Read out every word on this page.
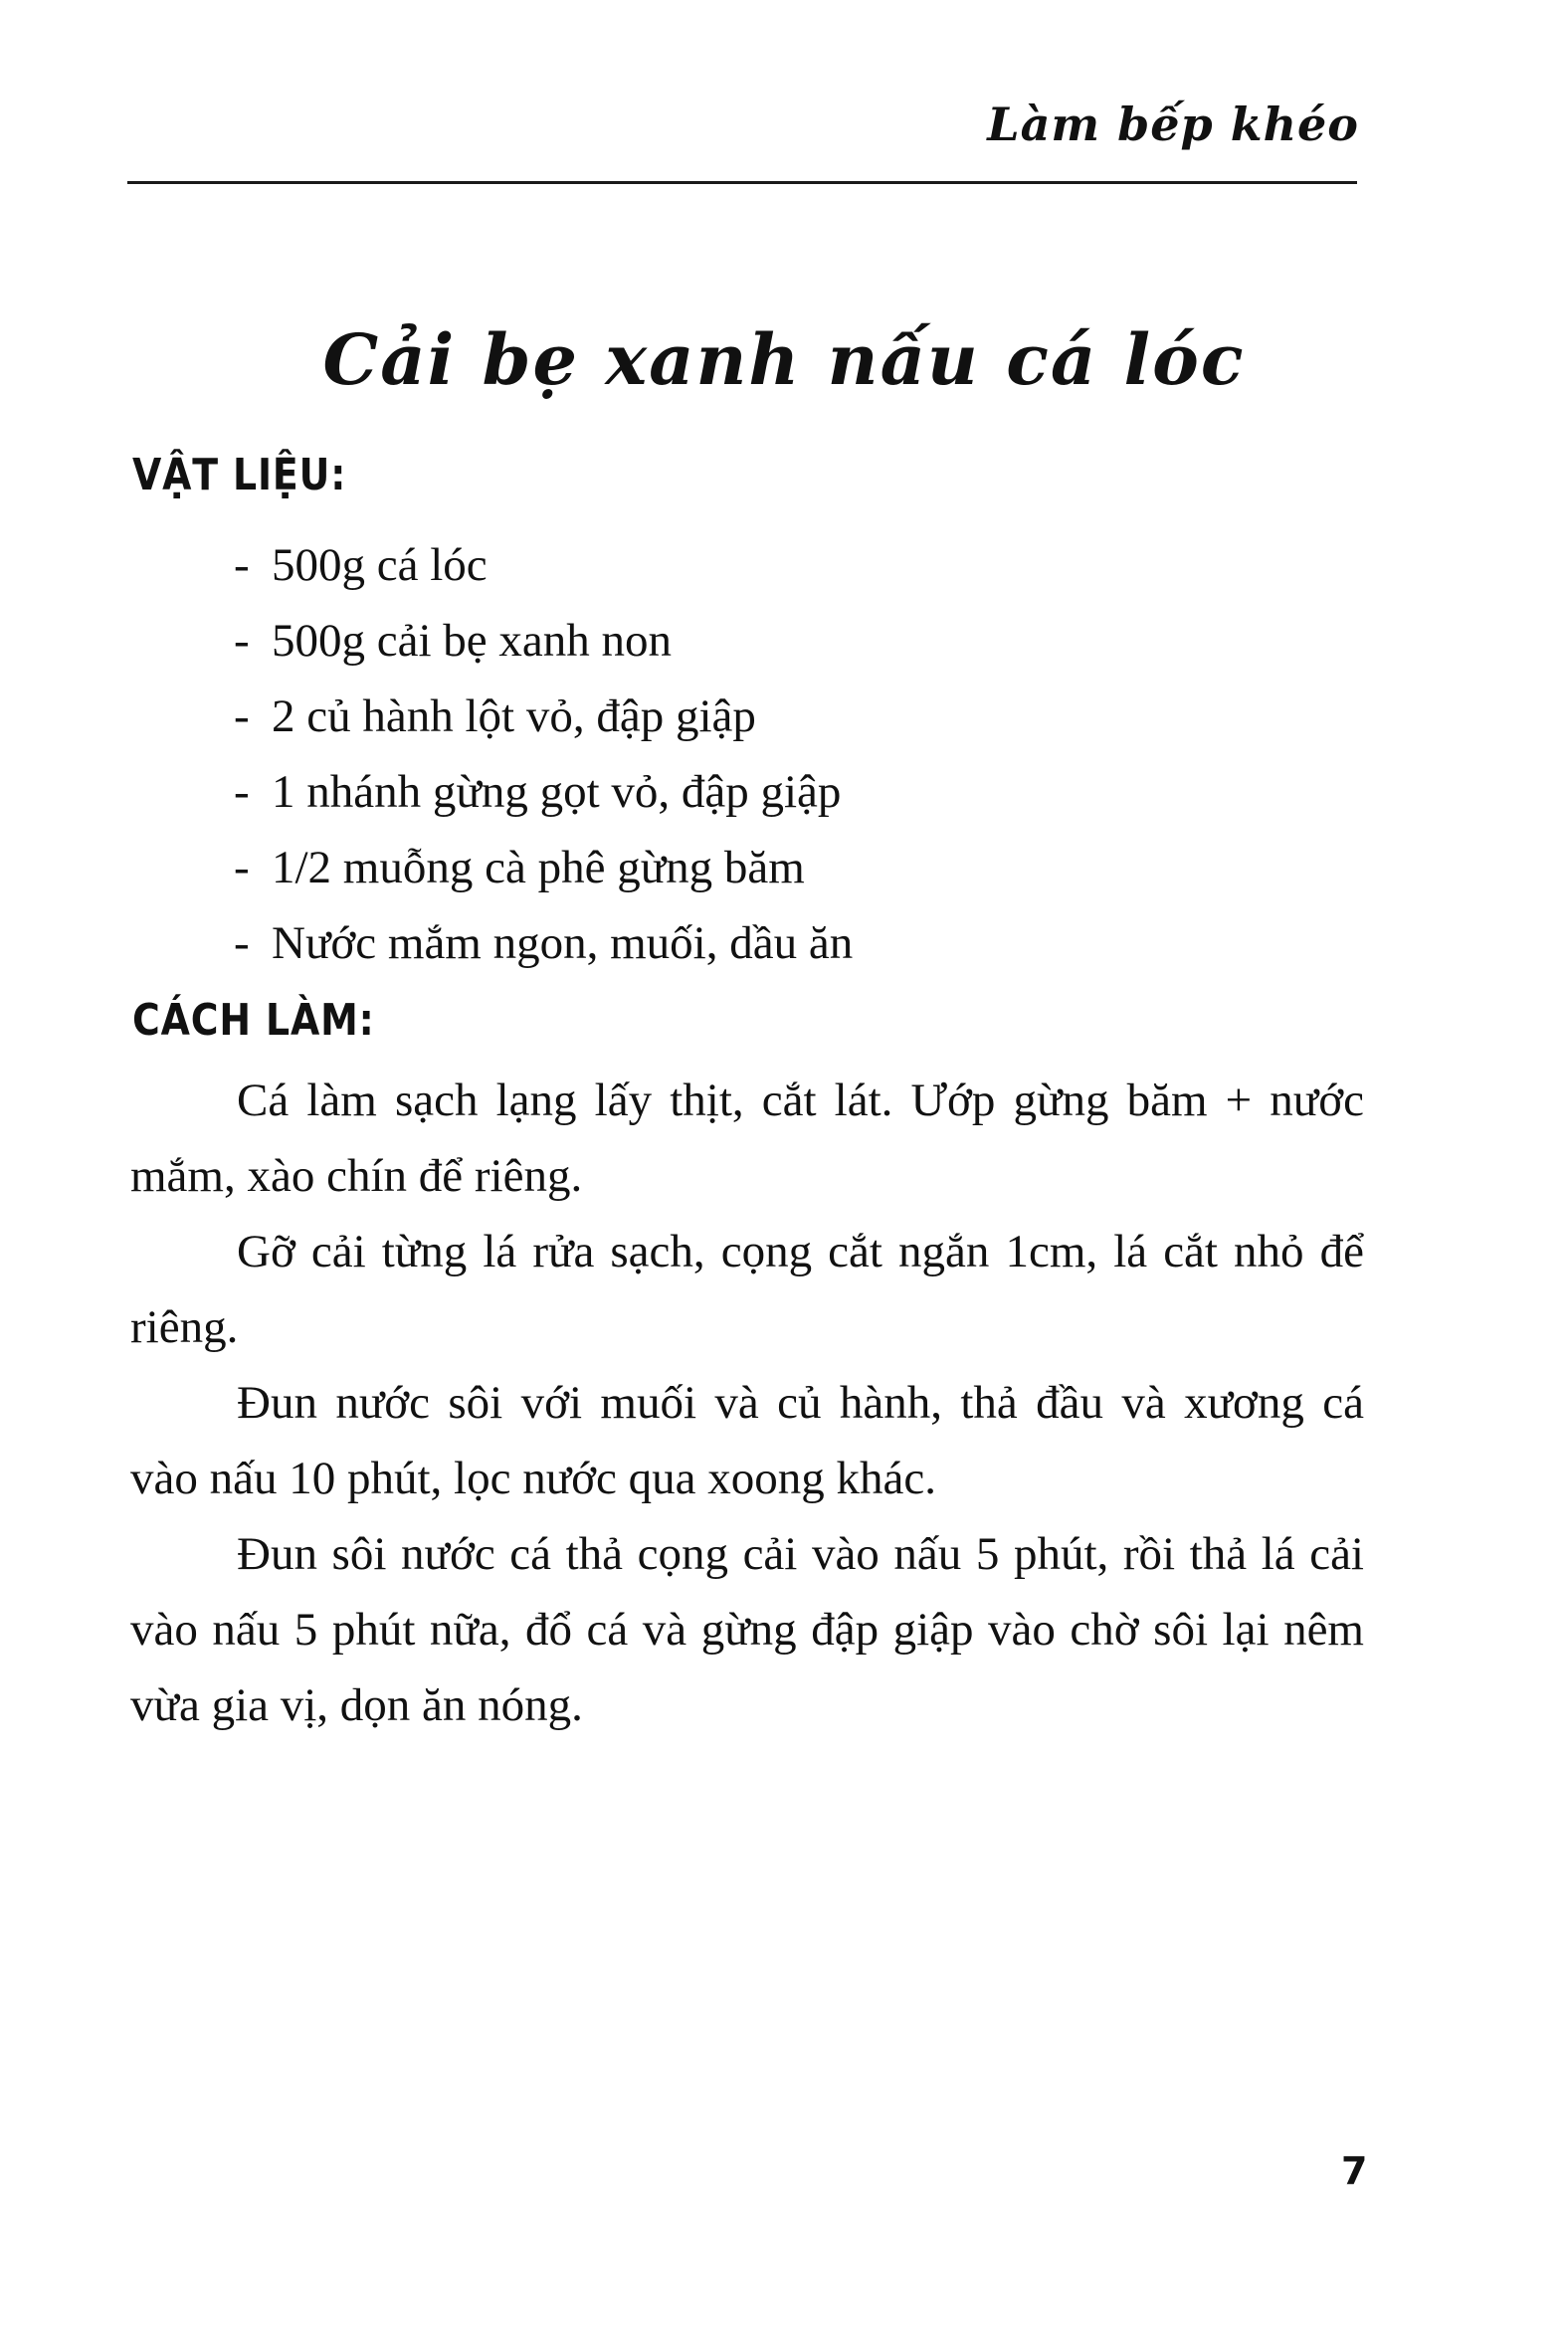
Làm bếp khéo
Cải bẹ xanh nấu cá lóc
VẬT LIỆU:
- 500g cá lóc
- 500g cải bẹ xanh non
- 2 củ hành lột vỏ, đập giập
- 1 nhánh gừng gọt vỏ, đập giập
- 1/2 muỗng cà phê gừng băm
- Nước mắm ngon, muối, dầu ăn
CÁCH LÀM:

Cá làm sạch lạng lấy thịt, cắt lát. Ướp gừng băm + nước mắm, xào chín để riêng.

Gỡ cải từng lá rửa sạch, cọng cắt ngắn 1cm, lá cắt nhỏ để riêng.

Đun nước sôi với muối và củ hành, thả đầu và xương cá vào nấu 10 phút, lọc nước qua xoong khác.

Đun sôi nước cá thả cọng cải vào nấu 5 phút, rồi thả lá cải vào nấu 5 phút nữa, đổ cá và gừng đập giập vào chờ sôi lại nêm vừa gia vị, dọn ăn nóng.

7
